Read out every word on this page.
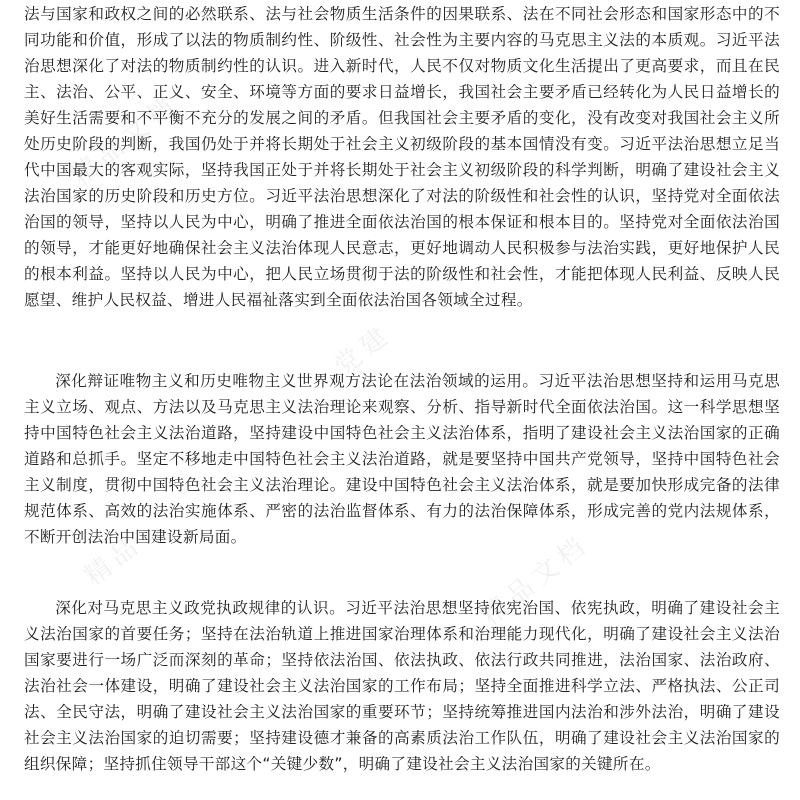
精品文档
党建
精品	精品文档

法与国家和政权之间的必然联系、法与社会物质生活条件的因果联系、法在不同社会形态和国家形态中的不同功能和价值，形成了以法的物质制约性、阶级性、社会性为主要内容的马克思主义法的本质观。习近平法治思想深化了对法的物质制约性的认识。进入新时代，人民不仅对物质文化生活提出了更高要求，而且在民主、法治、公平、正义、安全、环境等方面的要求日益增长，我国社会主要矛盾已经转化为人民日益增长的美好生活需要和不平衡不充分的发展之间的矛盾。但我国社会主要矛盾的变化，没有改变对我国社会主义所处历史阶段的判断，我国仍处于并将长期处于社会主义初级阶段的基本国情没有变。习近平法治思想立足当代中国最大的客观实际，坚持我国正处于并将长期处于社会主义初级阶段的科学判断，明确了建设社会主义法治国家的历史阶段和历史方位。习近平法治思想深化了对法的阶级性和社会性的认识，坚持党对全面依法治国的领导，坚持以人民为中心，明确了推进全面依法治国的根本保证和根本目的。坚持党对全面依法治国的领导，才能更好地确保社会主义法治体现人民意志，更好地调动人民积极参与法治实践，更好地保护人民的根本利益。坚持以人民为中心，把人民立场贯彻于法的阶级性和社会性，才能把体现人民利益、反映人民愿望、维护人民权益、增进人民福祉落实到全面依法治国各领域全过程。

深化辩证唯物主义和历史唯物主义世界观方法论在法治领域的运用。习近平法治思想坚持和运用马克思主义立场、观点、方法以及马克思主义法治理论来观察、分析、指导新时代全面依法治国。这一科学思想坚持中国特色社会主义法治道路，坚持建设中国特色社会主义法治体系，指明了建设社会主义法治国家的正确道路和总抓手。坚定不移地走中国特色社会主义法治道路，就是要坚持中国共产党领导，坚持中国特色社会主义制度，贯彻中国特色社会主义法治理论。建设中国特色社会主义法治体系，就是要加快形成完备的法律规范体系、高效的法治实施体系、严密的法治监督体系、有力的法治保障体系，形成完善的党内法规体系，不断开创法治中国建设新局面。

深化对马克思主义政党执政规律的认识。习近平法治思想坚持依宪治国、依宪执政，明确了建设社会主义法治国家的首要任务；坚持在法治轨道上推进国家治理体系和治理能力现代化，明确了建设社会主义法治国家要进行一场广泛而深刻的革命；坚持依法治国、依法执政、依法行政共同推进，法治国家、法治政府、法治社会一体建设，明确了建设社会主义法治国家的工作布局；坚持全面推进科学立法、严格执法、公正司法、全民守法，明确了建设社会主义法治国家的重要环节；坚持统筹推进国内法治和涉外法治，明确了建设社会主义法治国家的迫切需要；坚持建设德才兼备的高素质法治工作队伍，明确了建设社会主义法治国家的组织保障；坚持抓住领导干部这个“关键少数”，明确了建设社会主义法治国家的关键所在。
